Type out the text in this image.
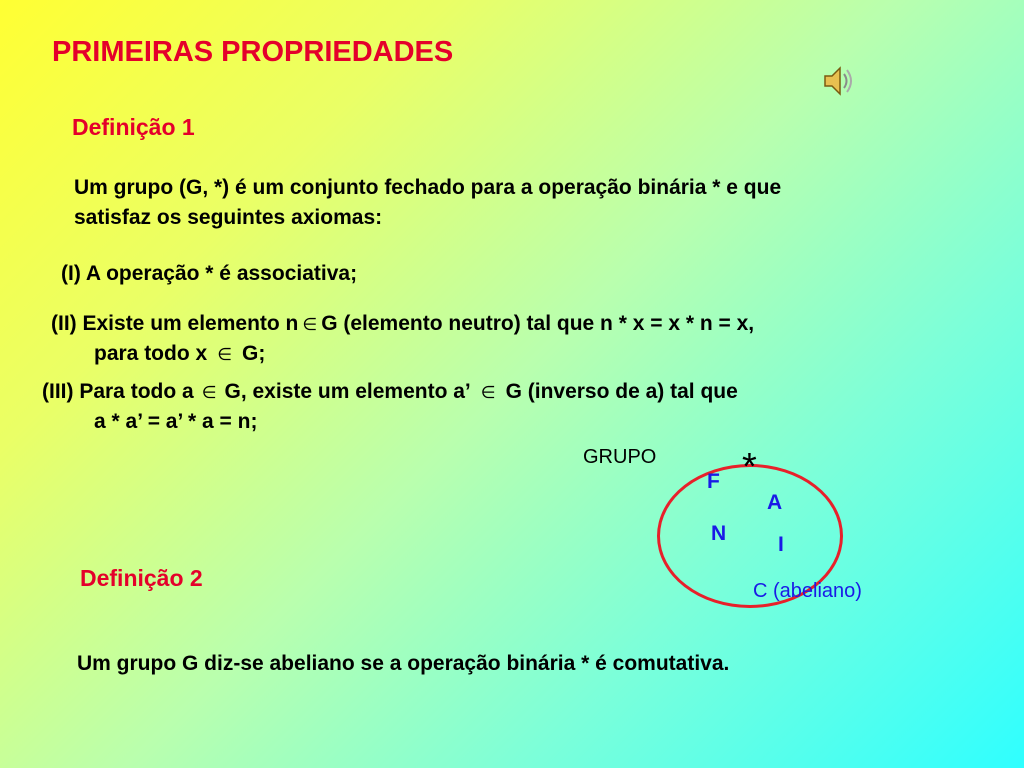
PRIMEIRAS PROPRIEDADES
Definição 1
Um grupo (G, *) é um conjunto fechado para a operação binária * e que
satisfaz os seguintes axiomas:
(I) A operação * é associativa;
(II) Existe um elemento n ∈ G (elemento neutro) tal que n * x = x * n = x,
para todo x ∈ G;
(III) Para todo a ∈ G, existe um elemento a’ ∈ G (inverso de a) tal que
a * a’ = a’ * a = n;
GRUPO *
F
A
N I
C (abeliano)
Definição 2
Um grupo G diz-se abeliano se a operação binária * é comutativa.
